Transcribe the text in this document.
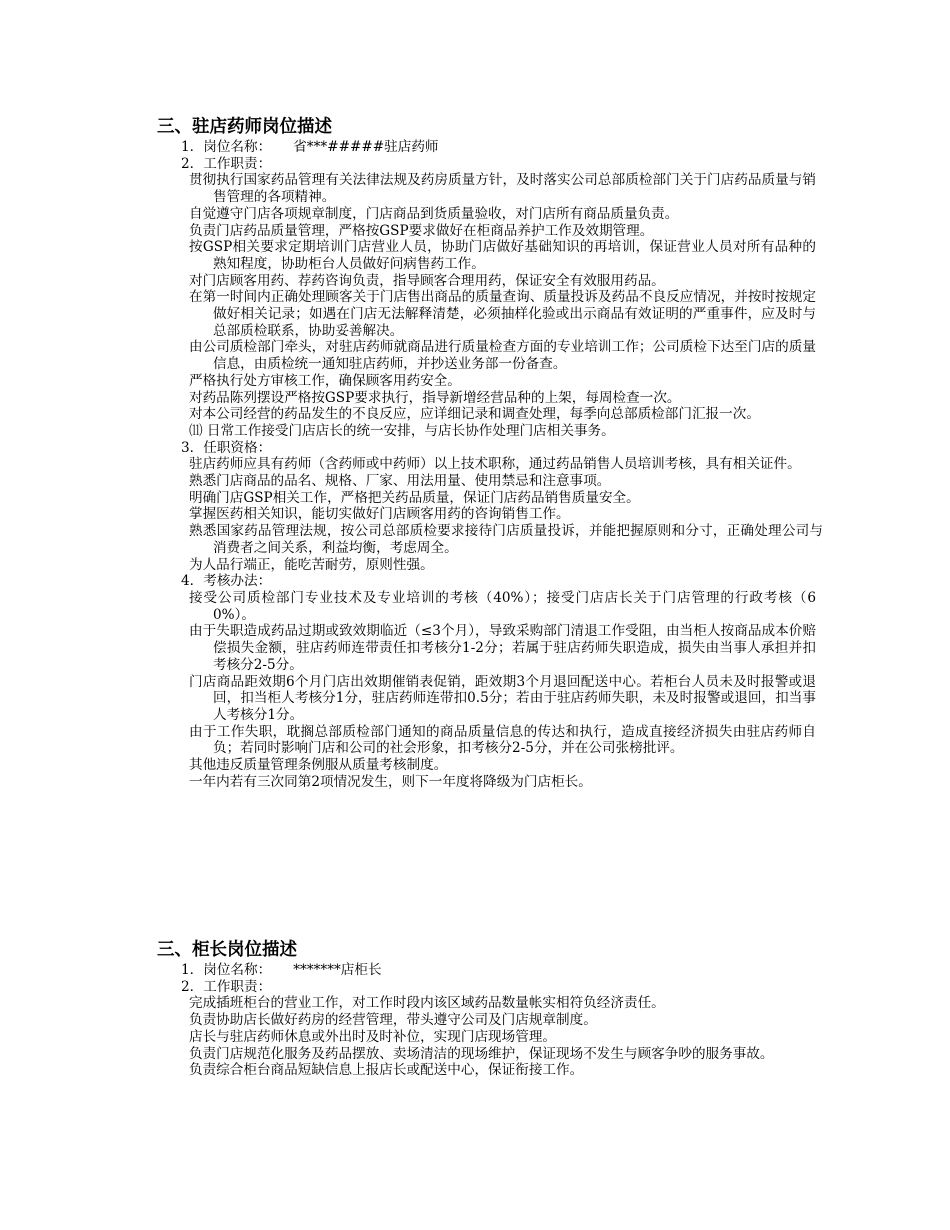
三、驻店药师岗位描述
1．岗位名称： 省***#####驻店药师
2．工作职责：
贯彻执行国家药品管理有关法律法规及药房质量方针，及时落实公司总部质检部门关于门店药品质量与销售管理的各项精神。
自觉遵守门店各项规章制度，门店商品到货质量验收，对门店所有商品质量负责。
负责门店药品质量管理，严格按GSP要求做好在柜商品养护工作及效期管理。
按GSP相关要求定期培训门店营业人员，协助门店做好基础知识的再培训，保证营业人员对所有品种的熟知程度，协助柜台人员做好问病售药工作。
对门店顾客用药、荐药咨询负责，指导顾客合理用药，保证安全有效服用药品。
在第一时间内正确处理顾客关于门店售出商品的质量查询、质量投诉及药品不良反应情况，并按时按规定做好相关记录；如遇在门店无法解释清楚，必须抽样化验或出示商品有效证明的严重事件，应及时与总部质检联系，协助妥善解决。
由公司质检部门牵头，对驻店药师就商品进行质量检查方面的专业培训工作；公司质检下达至门店的质量信息，由质检统一通知驻店药师，并抄送业务部一份备查。
严格执行处方审核工作，确保顾客用药安全。
对药品陈列摆设严格按GSP要求执行，指导新增经营品种的上架，每周检查一次。
对本公司经营的药品发生的不良反应，应详细记录和调查处理，每季向总部质检部门汇报一次。
⑾ 日常工作接受门店店长的统一安排，与店长协作处理门店相关事务。
3．任职资格：
驻店药师应具有药师（含药师或中药师）以上技术职称，通过药品销售人员培训考核，具有相关证件。
熟悉门店商品的品名、规格、厂家、用法用量、使用禁忌和注意事项。
明确门店GSP相关工作，严格把关药品质量，保证门店药品销售质量安全。
掌握医药相关知识，能切实做好门店顾客用药的咨询销售工作。
熟悉国家药品管理法规，按公司总部质检要求接待门店质量投诉，并能把握原则和分寸，正确处理公司与消费者之间关系，利益均衡，考虑周全。
为人品行端正，能吃苦耐劳，原则性强。
4．考核办法：
接受公司质检部门专业技术及专业培训的考核（40%）；接受门店店长关于门店管理的行政考核（60%）。
由于失职造成药品过期或致效期临近（≤3个月），导致采购部门清退工作受阻，由当柜人按商品成本价赔偿损失金额，驻店药师连带责任扣考核分1-2分；若属于驻店药师失职造成，损失由当事人承担并扣考核分2-5分。
门店商品距效期6个月门店出效期催销表促销，距效期3个月退回配送中心。若柜台人员未及时报警或退回，扣当柜人考核分1分，驻店药师连带扣0.5分；若由于驻店药师失职，未及时报警或退回，扣当事人考核分1分。
由于工作失职，耽搁总部质检部门通知的商品质量信息的传达和执行，造成直接经济损失由驻店药师自负；若同时影响门店和公司的社会形象，扣考核分2-5分，并在公司张榜批评。
其他违反质量管理条例服从质量考核制度。
一年内若有三次同第2项情况发生，则下一年度将降级为门店柜长。
三、柜长岗位描述
1．岗位名称： *******店柜长
2．工作职责：
完成插班柜台的营业工作，对工作时段内该区域药品数量帐实相符负经济责任。
负责协助店长做好药房的经营管理，带头遵守公司及门店规章制度。
店长与驻店药师休息或外出时及时补位，实现门店现场管理。
负责门店规范化服务及药品摆放、卖场清洁的现场维护，保证现场不发生与顾客争吵的服务事故。
负责综合柜台商品短缺信息上报店长或配送中心，保证衔接工作。
